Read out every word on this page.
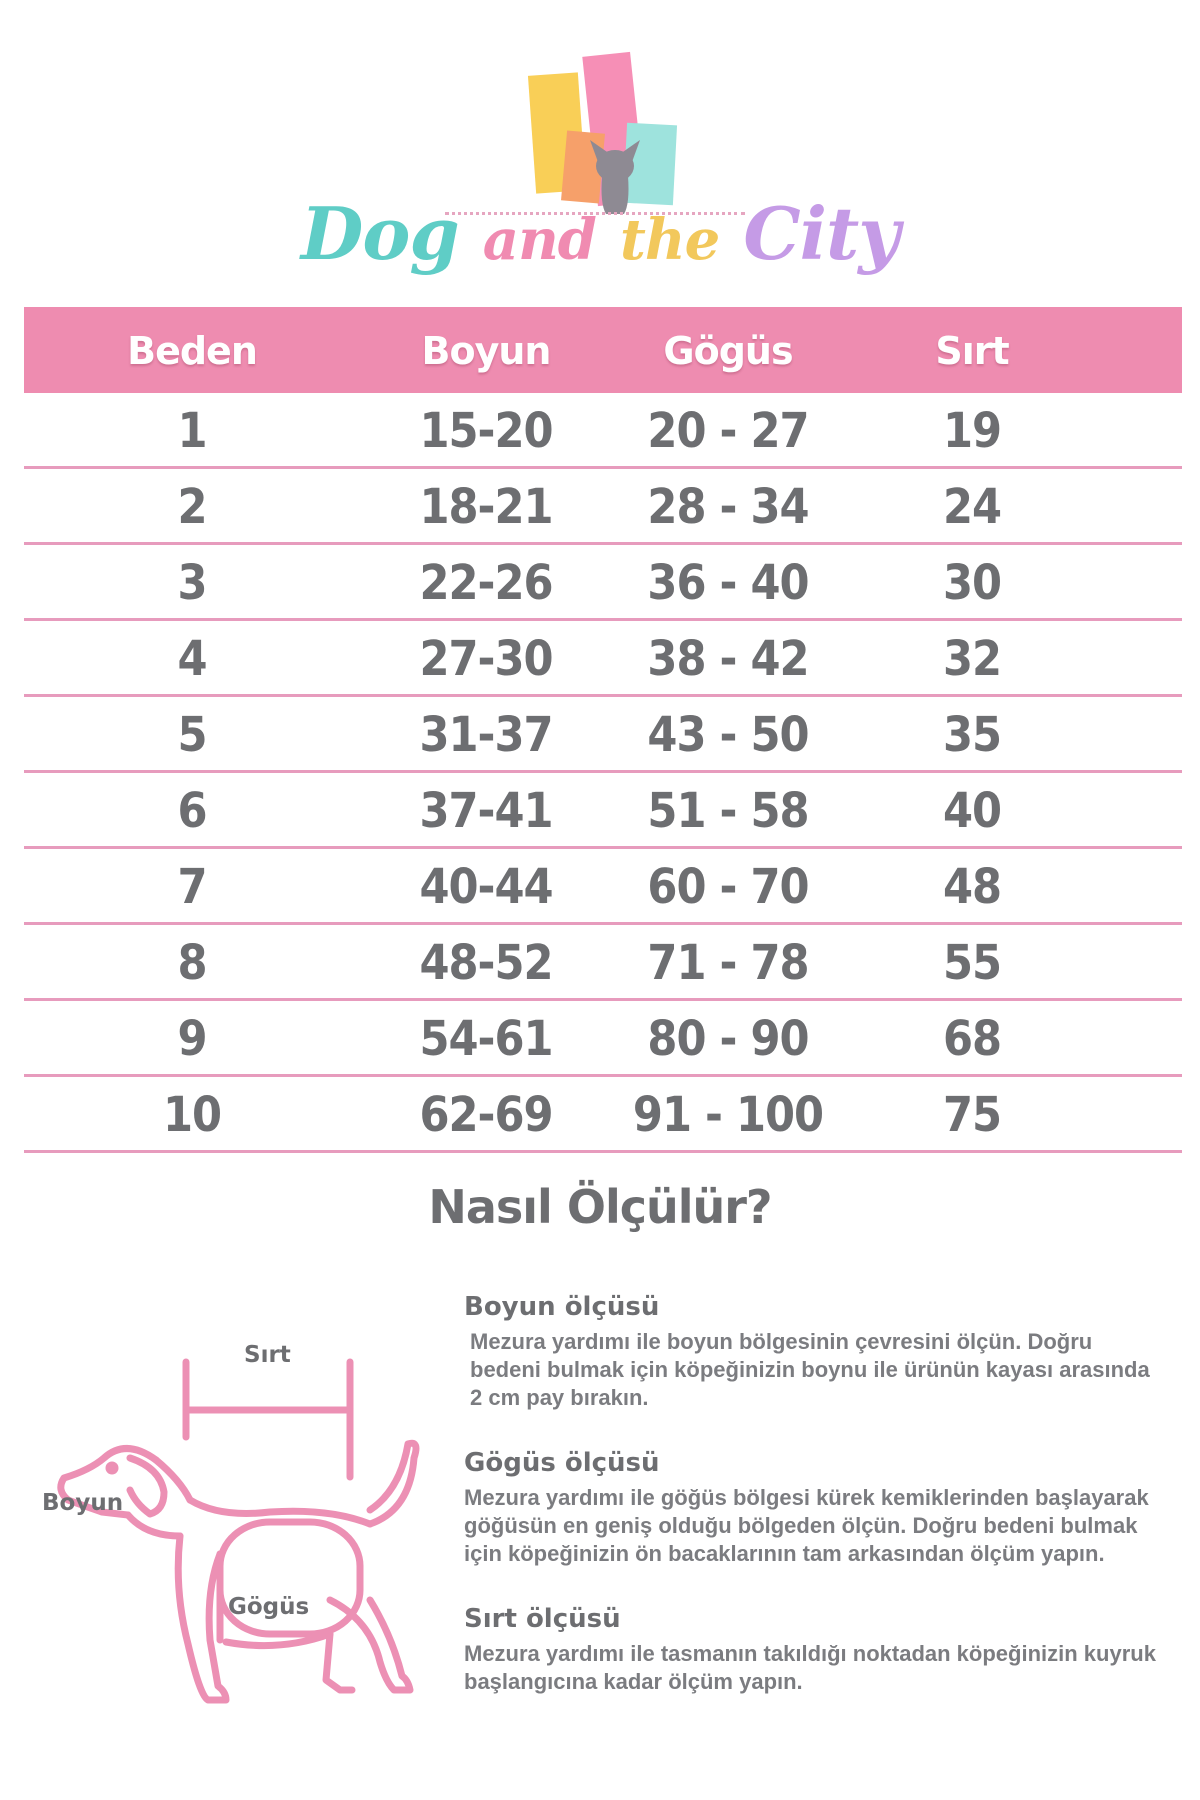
Dog and the City
Beden	Boyun	Gögüs	Sırt
1	15-20	20 - 27	19
2	18-21	28 - 34	24
3	22-26	36 - 40	30
4	27-30	38 - 42	32
5	31-37	43 - 50	35
6	37-41	51 - 58	40
7	40-44	60 - 70	48
8	48-52	71 - 78	55
9	54-61	80 - 90	68
10	62-69	91 - 100	75
Nasıl Ölçülür?
Sırt
Boyun
Gögüs

Boyun ölçüsü

Mezura yardımı ile boyun bölgesinin çevresini ölçün. Doğru
bedeni bulmak için köpeğinizin boynu ile ürünün kayası arasında
2 cm pay bırakın.

Gögüs ölçüsü

Mezura yardımı ile göğüs bölgesi kürek kemiklerinden başlayarak
göğüsün en geniş olduğu bölgeden ölçün. Doğru bedeni bulmak
için köpeğinizin ön bacaklarının tam arkasından ölçüm yapın.

Sırt ölçüsü

Mezura yardımı ile tasmanın takıldığı noktadan köpeğinizin kuyruk
başlangıcına kadar ölçüm yapın.
